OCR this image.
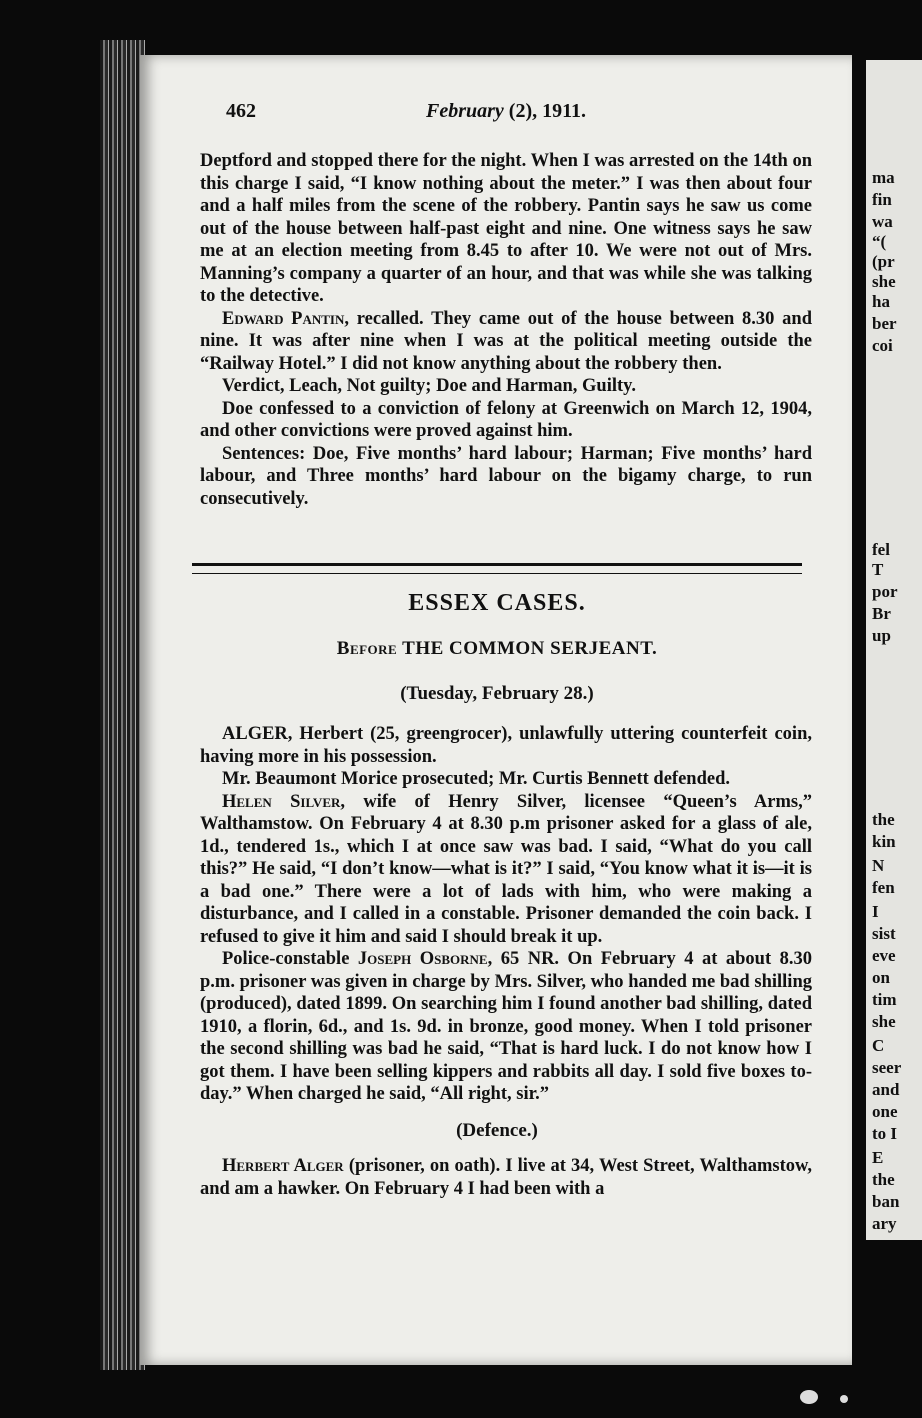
462	February (2), 1911.

Deptford and stopped there for the night. When I was arrested on the 14th on this charge I said, “I know nothing about the meter.” I was then about four and a half miles from the scene of the robbery. Pantin says he saw us come out of the house between half-past eight and nine. One witness says he saw me at an election meeting from 8.45 to after 10. We were not out of Mrs. Manning’s company a quarter of an hour, and that was while she was talking to the detective.

Edward Pantin, recalled. They came out of the house between 8.30 and nine. It was after nine when I was at the political meeting outside the “Railway Hotel.” I did not know anything about the robbery then.

Verdict, Leach, Not guilty; Doe and Harman, Guilty.

Doe confessed to a conviction of felony at Greenwich on March 12, 1904, and other convictions were proved against him.

Sentences: Doe, Five months’ hard labour; Harman; Five months’ hard labour, and Three months’ hard labour on the bigamy charge, to run consecutively.

ESSEX CASES.
Before THE COMMON SERJEANT.
(Tuesday, February 28.)

ALGER, Herbert (25, greengrocer), unlawfully uttering counterfeit coin, having more in his possession.

Mr. Beaumont Morice prosecuted; Mr. Curtis Bennett defended.

Helen Silver, wife of Henry Silver, licensee “Queen’s Arms,” Walthamstow. On February 4 at 8.30 p.m prisoner asked for a glass of ale, 1d., tendered 1s., which I at once saw was bad. I said, “What do you call this?” He said, “I don’t know—what is it?” I said, “You know what it is—it is a bad one.” There were a lot of lads with him, who were making a disturbance, and I called in a constable. Prisoner demanded the coin back. I refused to give it him and said I should break it up.

Police-constable Joseph Osborne, 65 NR. On February 4 at about 8.30 p.m. prisoner was given in charge by Mrs. Silver, who handed me bad shilling (produced), dated 1899. On searching him I found another bad shilling, dated 1910, a florin, 6d., and 1s. 9d. in bronze, good money. When I told prisoner the second shilling was bad he said, “That is hard luck. I do not know how I got them. I have been selling kippers and rabbits all day. I sold five boxes to-day.” When charged he said, “All right, sir.”

(Defence.)

Herbert Alger (prisoner, on oath). I live at 34, West Street, Walthamstow, and am a hawker. On February 4 I had been with a

ma
fin
wa
“(
(pr
she
ha
ber
coi
fel
T
por
Br
up
the
kin
N
fen
I
sist
eve
on
tim
she
C
seer
and
one
to I
E
the
ban
ary
